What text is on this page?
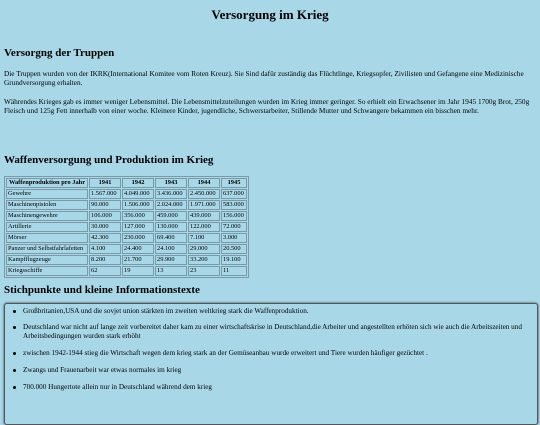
Versorgung im Krieg
Versorgng der Truppen

Die Truppen wurden von der IKRK(International Komitee vom Roten Kreuz). Sie Sind dafür zuständig das Flüchtlinge, Kriegsopfer, Zivilisten und Gefangene eine Medizinische Grundversorgung erhalten.

Währendes Krieges gab es immer weniger Lebensmittel. Die Lebensmittelzuteilungen wurden im Krieg immer geringer. So erhielt ein Erwachsener im Jahr 1945 1700g Brot, 250g Fleisch und 125g Fett innerhalb von einer woche. Kleinere Kinder, jugendliche, Schwerstarbeiter, Stillende Mutter und Schwangere bekammen ein bisschen mehr.

Waffenversorgung und Produktion im Krieg
Waffenproduktion pro Jahr	1941	1942	1943	1944	1945
Gewehre	1.567.000	4.049.000	3.436.000	2.450.000	637.000
Maschinenpistolen	90.000	1.506.000	2.024.000	1.971.000	583.000
Maschinengewehre	106.000	356.000	459.000	439.000	156.000
Artillerie	30.000	127.000	130.000	122.000	72.000
Mörser	42.300	230.000	69.400	7.100	3.000
Panzer und Selbstfahrlafetten	4.100	24.400	24.100	29.000	20.500
Kampfflugzeuge	8.200	21.700	29.900	33.200	19.100
Kriegsschiffe	62	19	13	23	11
Stichpunkte und kleine Informationstexte
Großbritanien,USA und die sovjet union stärkten im zweiten weltkrieg stark die Waffenproduktion.
Deutschland war nicht auf lange zeit vorbereitet daher kam zu einer wirtschaftskrise in Deutschland,die Arbeiter und angestellten erhöten sich wie auch die Arbeitszeiten und Arbeitsbedingungen wurden stark erhöht
zwischen 1942-1944 stieg die Wirtschaft wegen dem krieg stark an der Gemüseanbau wurde erweitert und Tiere wurden häufiger gezüchtet .
Zwangs und Frauenarbeit war etwas normales im krieg
700.000 Hungertote allein nur in Deutschland während dem krieg
